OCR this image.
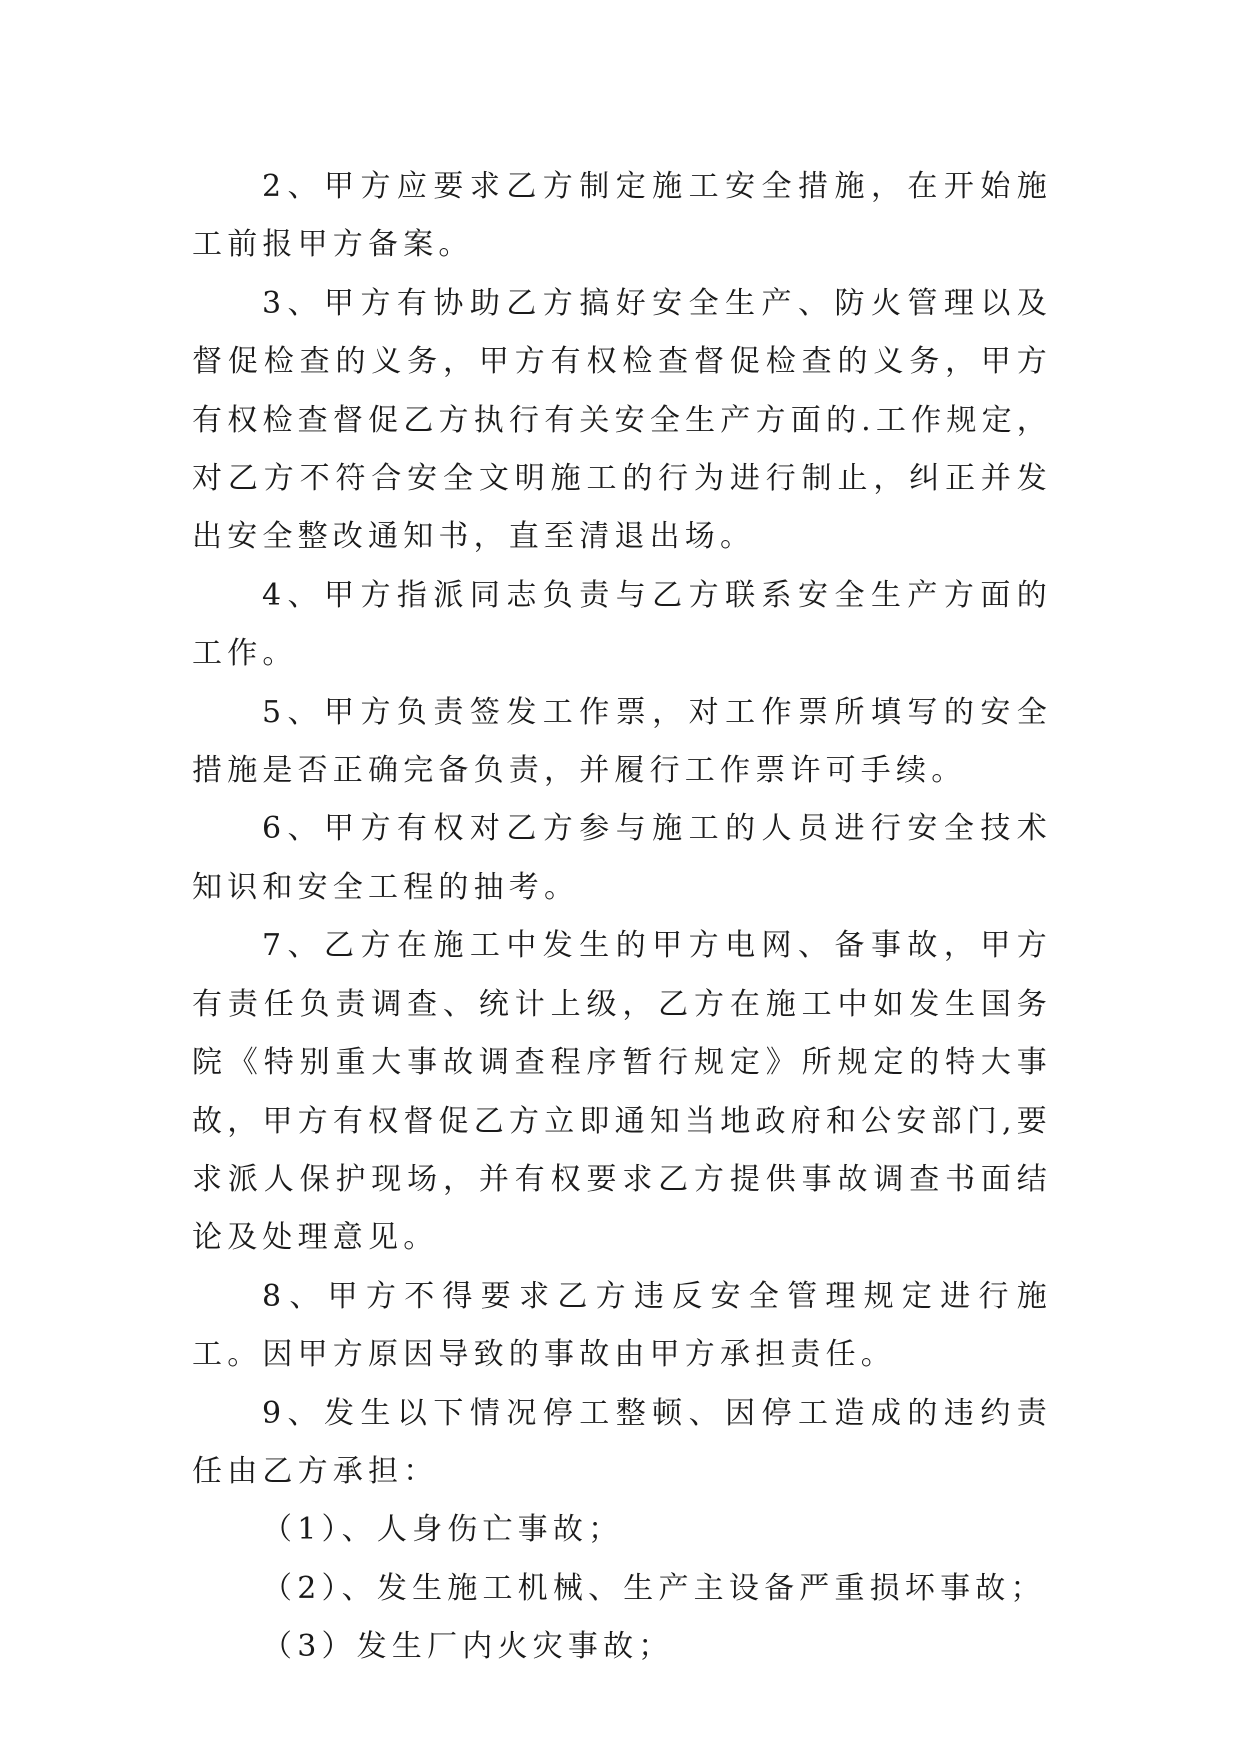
2、甲方应要求乙方制定施工安全措施，在开始施工前报甲方备案。

3、甲方有协助乙方搞好安全生产、防火管理以及督促检查的义务，甲方有权检查督促检查的义务，甲方有权检查督促乙方执行有关安全生产方面的.工作规定，对乙方不符合安全文明施工的行为进行制止，纠正并发出安全整改通知书，直至清退出场。

4、甲方指派同志负责与乙方联系安全生产方面的工作。

5、甲方负责签发工作票，对工作票所填写的安全措施是否正确完备负责，并履行工作票许可手续。

6、甲方有权对乙方参与施工的人员进行安全技术知识和安全工程的抽考。

7、乙方在施工中发生的甲方电网、备事故，甲方有责任负责调查、统计上级，乙方在施工中如发生国务院《特别重大事故调查程序暂行规定》所规定的特大事故，甲方有权督促乙方立即通知当地政府和公安部门,要求派人保护现场，并有权要求乙方提供事故调查书面结论及处理意见。

8、甲方不得要求乙方违反安全管理规定进行施工。因甲方原因导致的事故由甲方承担责任。

9、发生以下情况停工整顿、因停工造成的违约责任由乙方承担：

（1）、人身伤亡事故；

（2）、发生施工机械、生产主设备严重损坏事故；

（3）发生厂内火灾事故；
